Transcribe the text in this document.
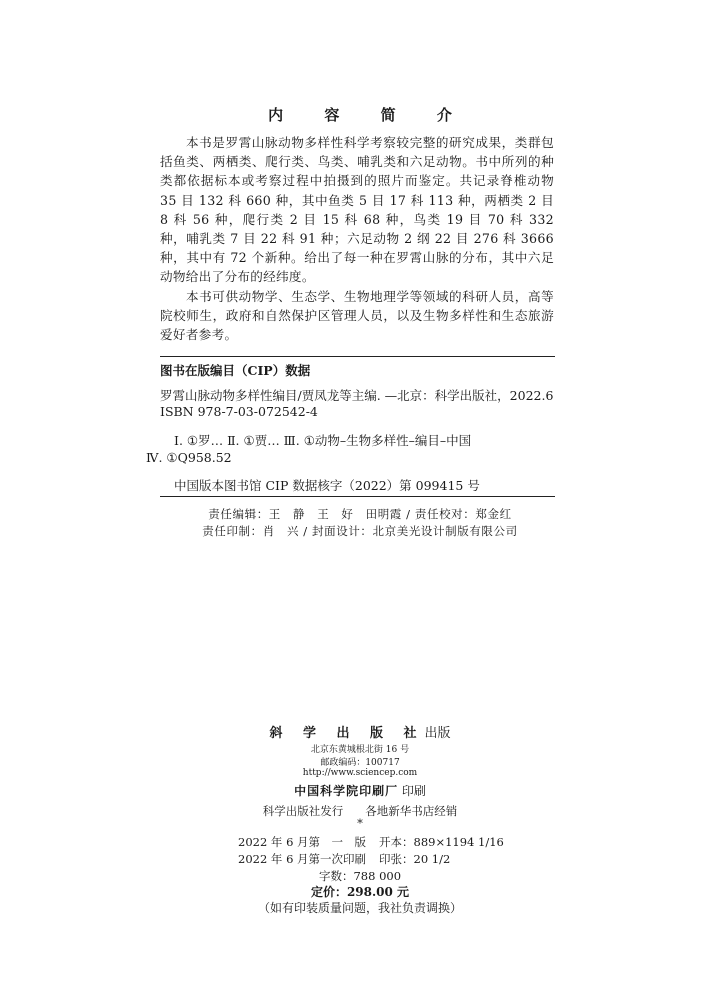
内 容 简 介

本书是罗霄山脉动物多样性科学考察较完整的研究成果，类群包括鱼类、两栖类、爬行类、鸟类、哺乳类和六足动物。书中所列的种类都依据标本或考察过程中拍摄到的照片而鉴定。共记录脊椎动物 35 目 132 科 660 种，其中鱼类 5 目 17 科 113 种，两栖类 2 目 8 科 56 种，爬行类 2 目 15 科 68 种，鸟类 19 目 70 科 332 种，哺乳类 7 目 22 科 91 种；六足动物 2 纲 22 目 276 科 3666 种，其中有 72 个新种。给出了每一种在罗霄山脉的分布，其中六足动物给出了分布的经纬度。

本书可供动物学、生态学、生物地理学等领域的科研人员，高等院校师生，政府和自然保护区管理人员，以及生物多样性和生态旅游爱好者参考。

图书在版编目（CIP）数据
罗霄山脉动物多样性编目/贾凤龙等主编. —北京：科学出版社，2022.6
ISBN 978-7-03-072542-4
Ⅰ. ①罗… Ⅱ. ①贾… Ⅲ. ①动物–生物多样性–编目–中国
Ⅳ. ①Q958.52
中国版本图书馆 CIP 数据核字（2022）第 099415 号
责任编辑：王　静　王　好　田明霞 / 责任校对：郑金红
责任印制：肖　兴 / 封面设计：北京美光设计制版有限公司
斜 学 出 版 社出版
北京东黄城根北街 16 号
邮政编码：100717
http://www.sciencep.com
中国科学院印刷厂 印刷
科学出版社发行 各地新华书店经销
*
2022 年 6 月第　一　版 开本：889×1194 1/16
2022 年 6 月第一次印刷 印张：20 1/2
字数：788 000
定价：298.00 元
（如有印装质量问题，我社负责调换）
